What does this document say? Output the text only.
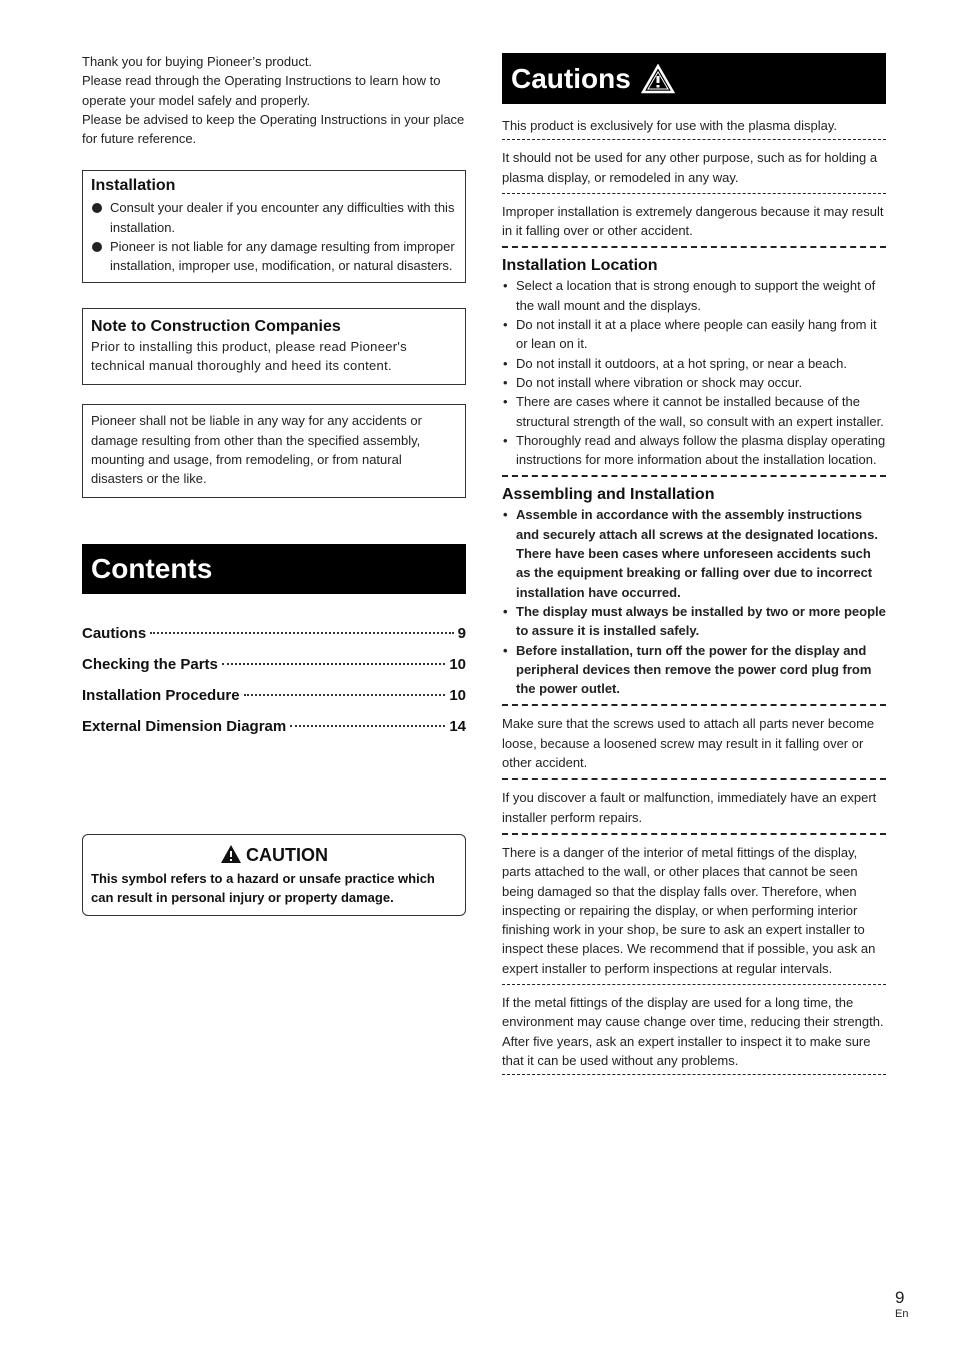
Thank you for buying Pioneer’s product.

Please read through the Operating Instructions to learn how to operate your model safely and properly.

Please be advised to keep the Operating Instructions in your place for future reference.

Installation
Consult your dealer if you encounter any difficulties with this installation.
Pioneer is not liable for any damage resulting from improper installation, improper use, modification, or natural disasters.
Note to Construction Companies

Prior to installing this product, please read Pioneer's technical manual thoroughly and heed its content.

Pioneer shall not be liable in any way for any accidents or damage resulting from other than the specified assembly, mounting and usage, from remodeling, or from natural disasters or the like.

Contents
Cautions	9
Checking the Parts	10
Installation Procedure	10
External Dimension Diagram	14
CAUTION
This symbol refers to a hazard or unsafe practice which can result in personal injury or property damage.
Cautions

This product is exclusively for use with the plasma display.

It should not be used for any other purpose, such as for holding a plasma display, or remodeled in any way.

Improper installation is extremely dangerous because it may result in it falling over or other accident.

Installation Location
• Select a location that is strong enough to support the weight of the wall mount and the displays.
• Do not install it at a place where people can easily hang from it or lean on it.
• Do not install it outdoors, at a hot spring, or near a beach.
• Do not install where vibration or shock may occur.
• There are cases where it cannot be installed because of the structural strength of the wall, so consult with an expert installer.
• Thoroughly read and always follow the plasma display operating instructions for more information about the installation location.
Assembling and Installation
• Assemble in accordance with the assembly instructions and securely attach all screws at the designated locations.
There have been cases where unforeseen accidents such as the equipment breaking or falling over due to incorrect installation have occurred.
• The display must always be installed by two or more people to assure it is installed safely.
• Before installation, turn off the power for the display and peripheral devices then remove the power cord plug from the power outlet.

Make sure that the screws used to attach all parts never become loose, because a loosened screw may result in it falling over or other accident.

If you discover a fault or malfunction, immediately have an expert installer perform repairs.

There is a danger of the interior of metal fittings of the display, parts attached to the wall, or other places that cannot be seen being damaged so that the display falls over. Therefore, when inspecting or repairing the display, or when performing interior finishing work in your shop, be sure to ask an expert installer to inspect these places. We recommend that if possible, you ask an expert installer to perform inspections at regular intervals.

If the metal fittings of the display are used for a long time, the environment may cause change over time, reducing their strength. After five years, ask an expert installer to inspect it to make sure that it can be used without any problems.

9
En
